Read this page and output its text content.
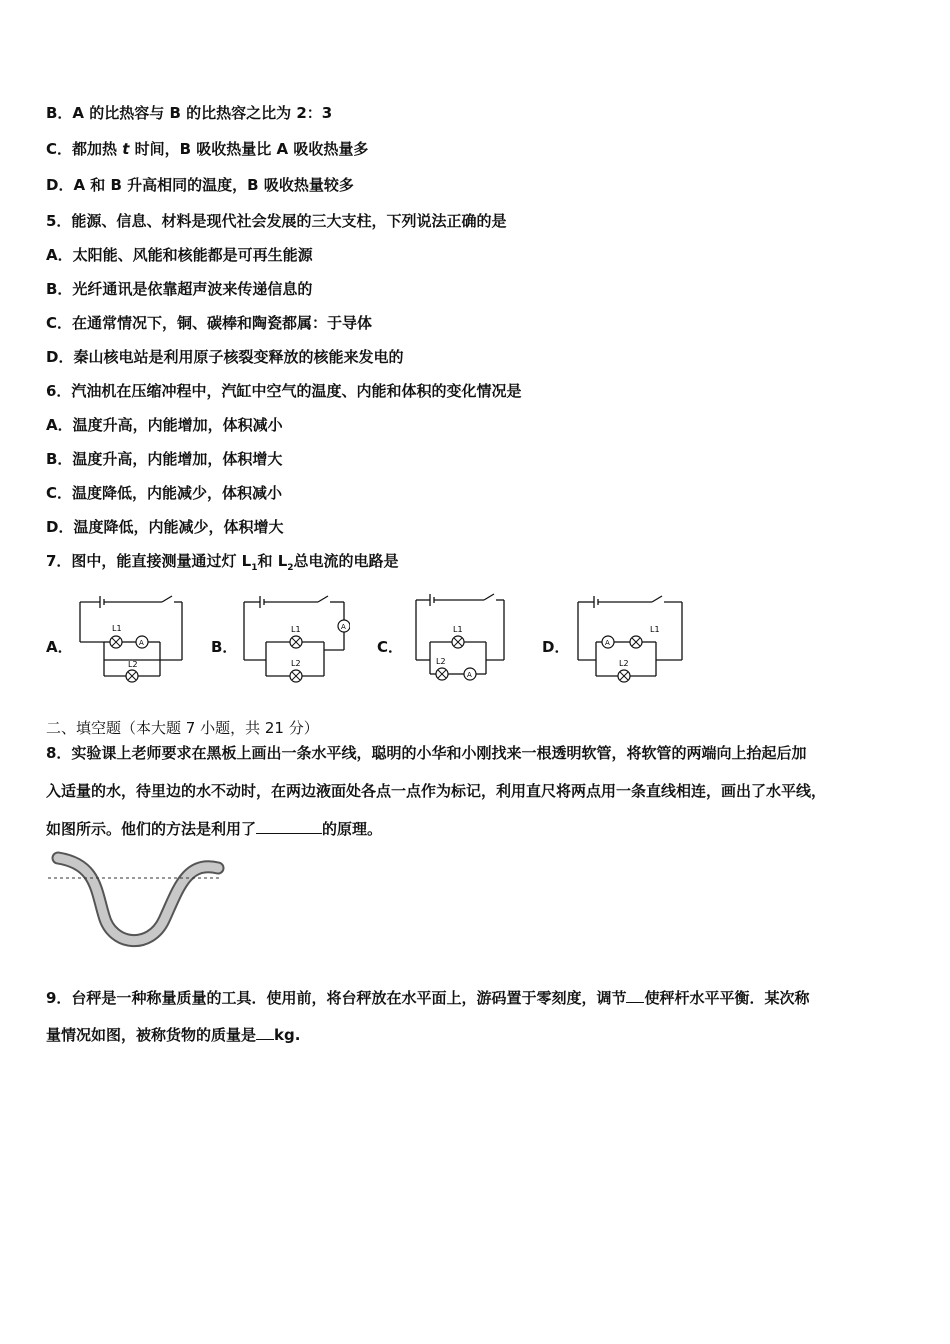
B．A 的比热容与 B 的比热容之比为 2：3
C．都加热 t 时间，B 吸收热量比 A 吸收热量多
D．A 和 B 升高相同的温度，B 吸收热量较多
5．能源、信息、材料是现代社会发展的三大支柱，下列说法正确的是
A．太阳能、风能和核能都是可再生能源
B．光纤通讯是依靠超声波来传递信息的
C．在通常情况下，铜、碳棒和陶瓷都属：于导体
D．秦山核电站是利用原子核裂变释放的核能来发电的
6．汽油机在压缩冲程中，汽缸中空气的温度、内能和体积的变化情况是
A．温度升高，内能增加，体积减小
B．温度升高，内能增加，体积增大
C．温度降低，内能减少，体积减小
D．温度降低，内能减少，体积增大
7．图中，能直接测量通过灯 $L_1$和 $L_2$总电流的电路是
A．	B．	C．	D．
L1
L2
A
L1
L2
A	L1
L2
A
L1
L2
A
二、填空题（本大题 7 小题，共 21 分）
8．实验课上老师要求在黑板上画出一条水平线，聪明的小华和小刚找来一根透明软管，将软管的两端向上抬起后加
入适量的水，待里边的水不动时，在两边液面处各点一点作为标记，利用直尺将两点用一条直线相连，画出了水平线，
如图所示。他们的方法是利用了	的原理。
9．台秤是一种称量质量的工具．使用前，将台秤放在水平面上，游码置于零刻度，调节 使秤杆水平平衡．某次称
量情况如图，被称货物的质量是 kg.
